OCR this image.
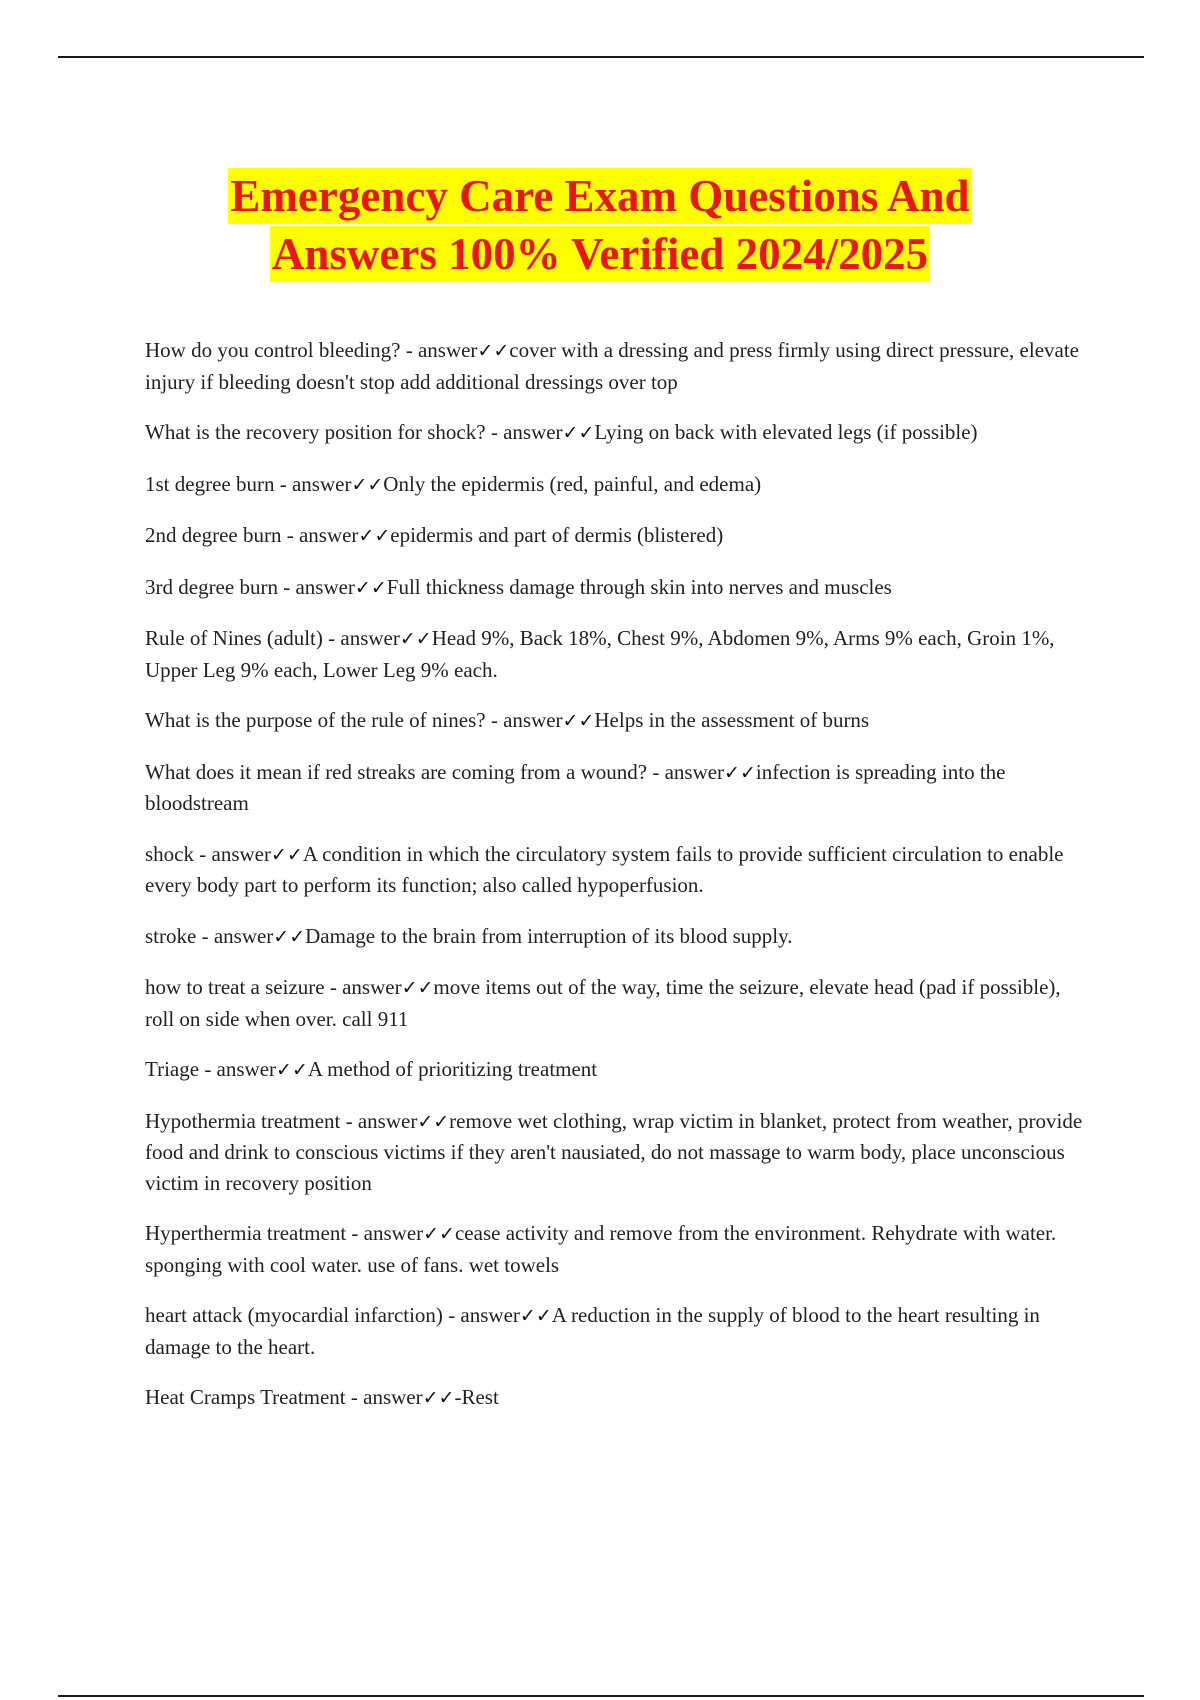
Emergency Care Exam Questions And
Answers 100% Verified 2024/2025
How do you control bleeding? - answer✓✓cover with a dressing and press firmly using direct pressure, elevate injury if bleeding doesn't stop add additional dressings over top
What is the recovery position for shock? - answer✓✓Lying on back with elevated legs (if possible)
1st degree burn - answer✓✓Only the epidermis (red, painful, and edema)
2nd degree burn - answer✓✓epidermis and part of dermis (blistered)
3rd degree burn - answer✓✓Full thickness damage through skin into nerves and muscles
Rule of Nines (adult) - answer✓✓Head 9%, Back 18%, Chest 9%, Abdomen 9%, Arms 9% each, Groin 1%, Upper Leg 9% each, Lower Leg 9% each.
What is the purpose of the rule of nines? - answer✓✓Helps in the assessment of burns
What does it mean if red streaks are coming from a wound? - answer✓✓infection is spreading into the bloodstream
shock - answer✓✓A condition in which the circulatory system fails to provide sufficient circulation to enable every body part to perform its function; also called hypoperfusion.
stroke - answer✓✓Damage to the brain from interruption of its blood supply.
how to treat a seizure - answer✓✓move items out of the way, time the seizure, elevate head (pad if possible), roll on side when over. call 911
Triage - answer✓✓A method of prioritizing treatment
Hypothermia treatment - answer✓✓remove wet clothing, wrap victim in blanket, protect from weather, provide food and drink to conscious victims if they aren't nausiated, do not massage to warm body, place unconscious victim in recovery position
Hyperthermia treatment - answer✓✓cease activity and remove from the environment. Rehydrate with water. sponging with cool water. use of fans. wet towels
heart attack (myocardial infarction) - answer✓✓A reduction in the supply of blood to the heart resulting in damage to the heart.
Heat Cramps Treatment - answer✓✓-Rest
